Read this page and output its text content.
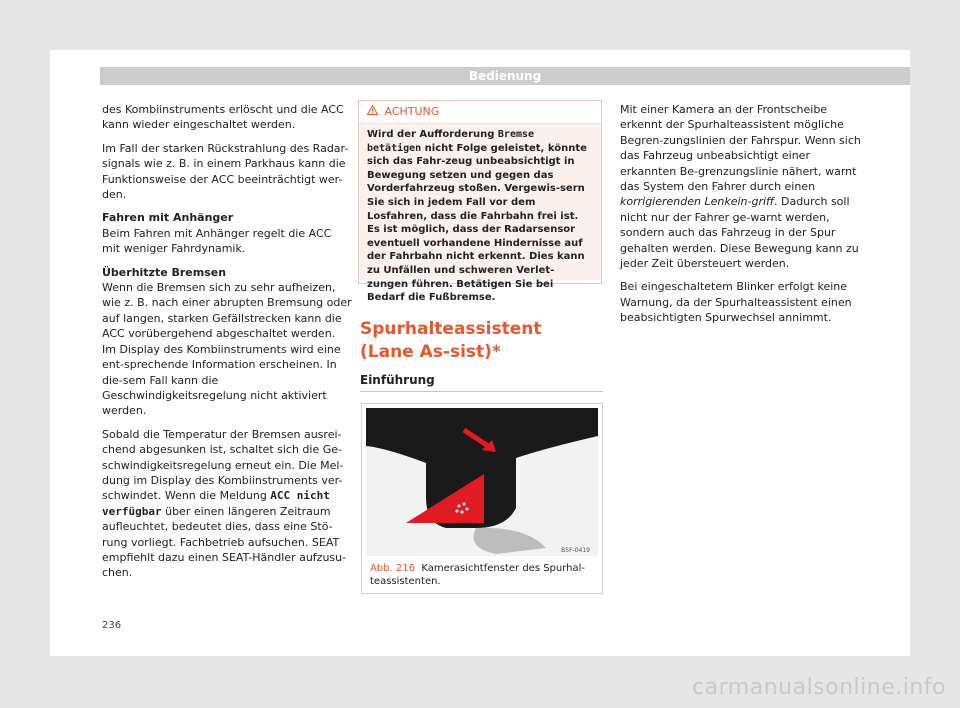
Bedienung

des Kombiinstruments erlöscht und die ACC kann wieder eingeschaltet werden.

Im Fall der starken Rückstrahlung des Radar-signals wie z. B. in einem Parkhaus kann die Funktionsweise der ACC beeinträchtigt wer-den.

Fahren mit Anhänger

Beim Fahren mit Anhänger regelt die ACC mit weniger Fahrdynamik.

Überhitzte Bremsen

Wenn die Bremsen sich zu sehr aufheizen, wie z. B. nach einer abrupten Bremsung oder auf langen, starken Gefällstrecken kann die ACC vorübergehend abgeschaltet werden. Im Display des Kombiinstruments wird eine ent-sprechende Information erscheinen. In die-sem Fall kann die Geschwindigkeitsregelung nicht aktiviert werden.

Sobald die Temperatur der Bremsen ausrei-chend abgesunken ist, schaltet sich die Ge-schwindigkeitsregelung erneut ein. Die Mel-dung im Display des Kombiinstruments ver-schwindet. Wenn die Meldung ACC nicht verfügbar über einen längeren Zeitraum aufleuchtet, bedeutet dies, dass eine Stö-rung vorliegt. Fachbetrieb aufsuchen. SEAT empfiehlt dazu einen SEAT-Händler aufzusu-chen.

ACHTUNG
Wird der Aufforderung Bremse betätigen nicht Folge geleistet, könnte sich das Fahr-zeug unbeabsichtigt in Bewegung setzen und gegen das Vorderfahrzeug stoßen. Vergewis-sern Sie sich in jedem Fall vor dem Losfahren, dass die Fahrbahn frei ist. Es ist möglich, dass der Radarsensor eventuell vorhandene Hindernisse auf der Fahrbahn nicht erkennt. Dies kann zu Unfällen und schweren Verlet-zungen führen. Betätigen Sie bei Bedarf die Fußbremse.
Spurhalteassistent (Lane As-sist)*
Einführung
B5F-0419
Abb. 216 Kamerasichtfenster des Spurhal-teassistenten.

Mit einer Kamera an der Frontscheibe erkennt der Spurhalteassistent mögliche Begren-zungslinien der Fahrspur. Wenn sich das Fahrzeug unbeabsichtigt einer erkannten Be-grenzungslinie nähert, warnt das System den Fahrer durch einen korrigierenden Lenkein-griff. Dadurch soll nicht nur der Fahrer ge-warnt werden, sondern auch das Fahrzeug in der Spur gehalten werden. Diese Bewegung kann zu jeder Zeit übersteuert werden.

Bei eingeschaltetem Blinker erfolgt keine Warnung, da der Spurhalteassistent einen beabsichtigten Spurwechsel annimmt.

236
carmanualsonline.info
